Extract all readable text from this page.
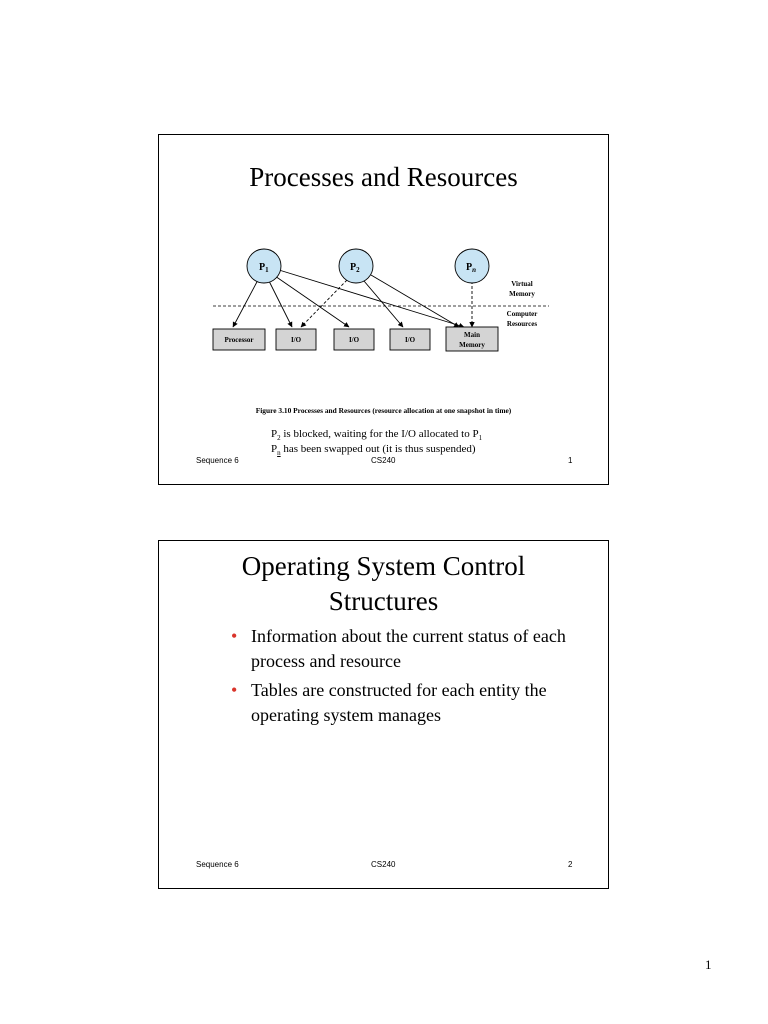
Processes and Resources
$P_1$	$P_2$	$P_n$
Virtual
Memory
Computer
Resources
Processor	I/O	I/O	I/O
Main
Memory
Figure 3.10 Processes and Resources (resource allocation at one snapshot in time)
$P_2$ is blocked, waiting for the I/O allocated to $P_1$
$P_n$ has been swapped out (it is thus suspended)
Sequence 6	CS240	1
Operating System Control
Structures
• Information about the current status of each process and resource
• Tables are constructed for each entity the operating system manages
Sequence 6	CS240	2
1
